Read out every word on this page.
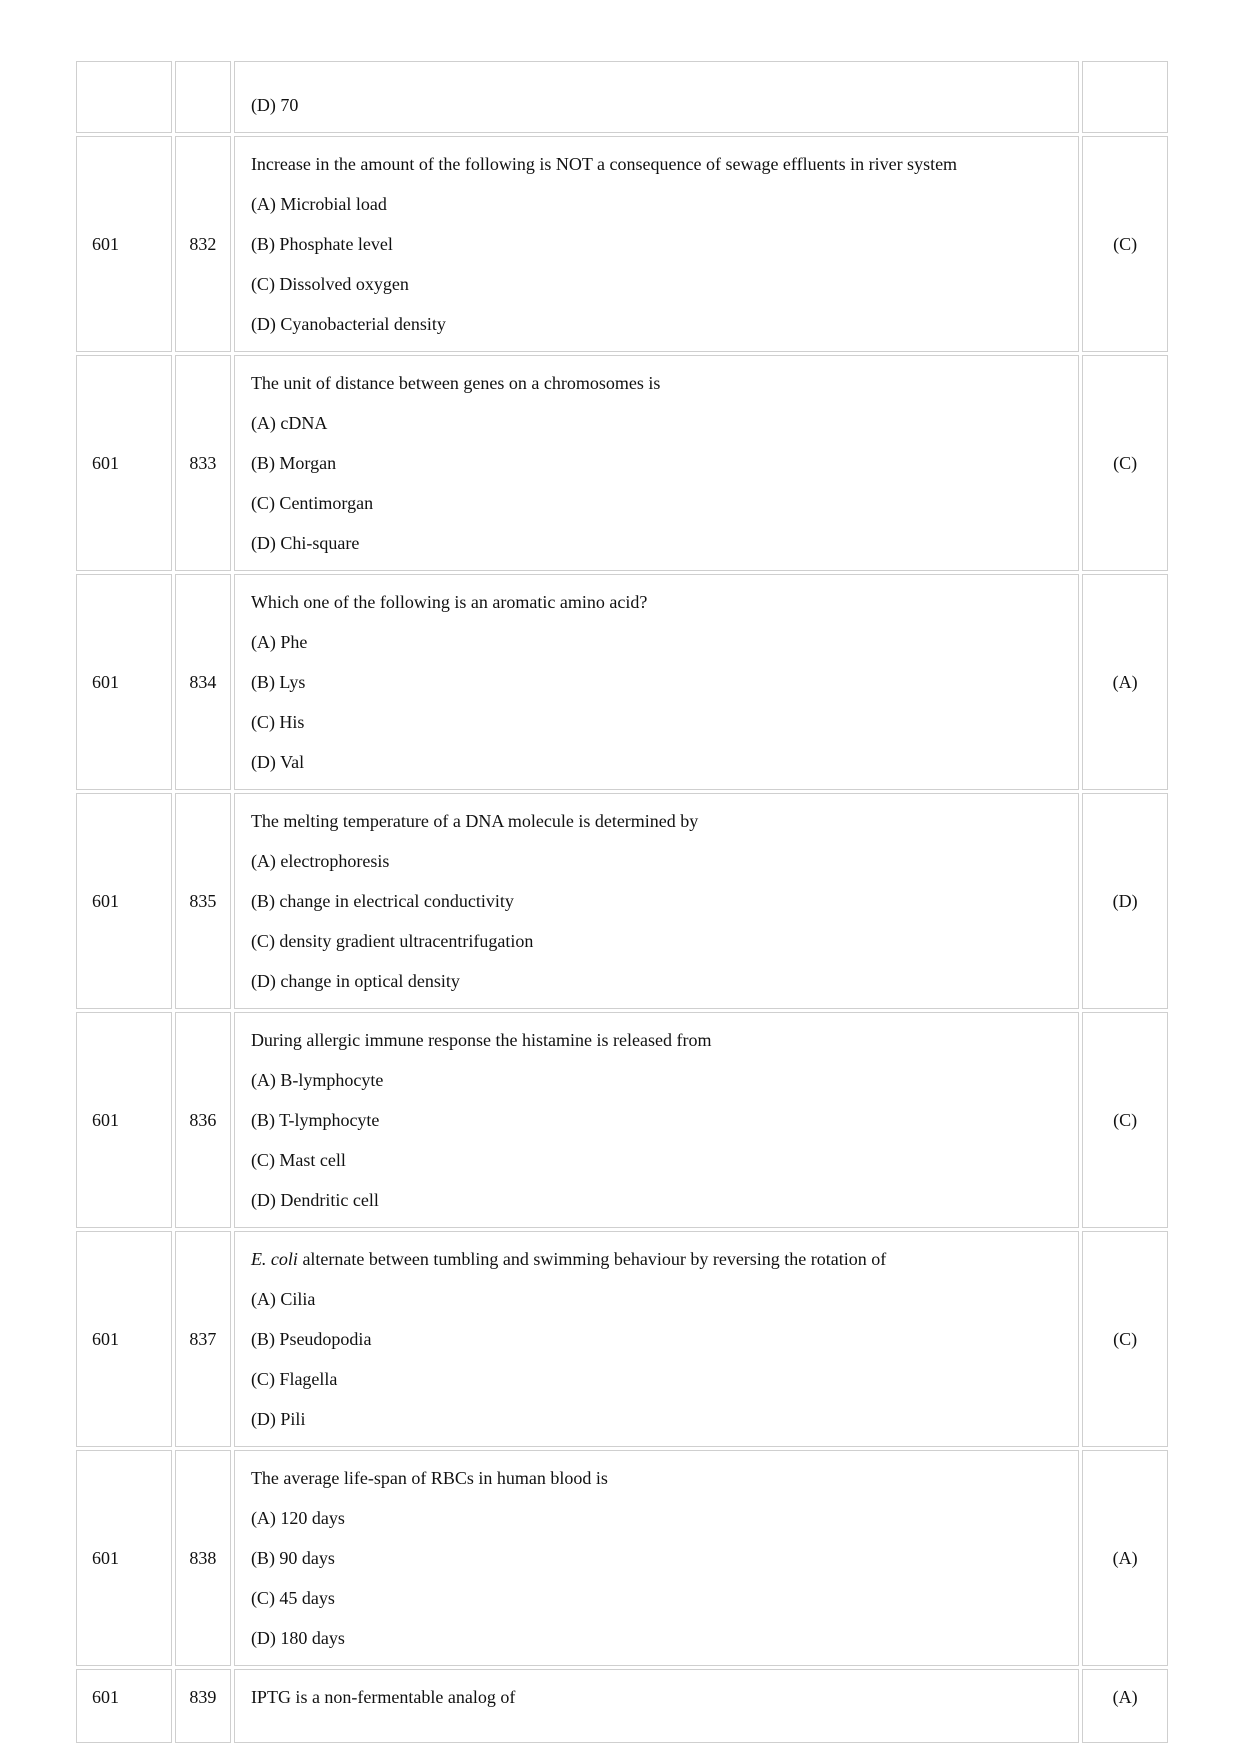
		(D) 70	

601	832	Increase in the amount of the following is NOT a consequence of sewage effluents in river system
(A) Microbial load
(B) Phosphate level
(C) Dissolved oxygen
(D) Cyanobacterial density	(C)
601	833	The unit of distance between genes on a chromosomes is
(A) cDNA
(B) Morgan
(C) Centimorgan
(D) Chi-square	(C)
601	834	Which one of the following is an aromatic amino acid?
(A) Phe
(B) Lys
(C) His
(D) Val	(A)
601	835	The melting temperature of a DNA molecule is determined by
(A) electrophoresis
(B) change in electrical conductivity
(C) density gradient ultracentrifugation
(D) change in optical density	(D)
601	836	During allergic immune response the histamine is released from
(A) B-lymphocyte
(B) T-lymphocyte
(C) Mast cell
(D) Dendritic cell	(C)
601	837	E. coli alternate between tumbling and swimming behaviour by reversing the rotation of
(A) Cilia
(B) Pseudopodia
(C) Flagella
(D) Pili	(C)
601	838	The average life-span of RBCs in human blood is
(A) 120 days
(B) 90 days
(C) 45 days
(D) 180 days	(A)
601	839	IPTG is a non-fermentable analog of	(A)
